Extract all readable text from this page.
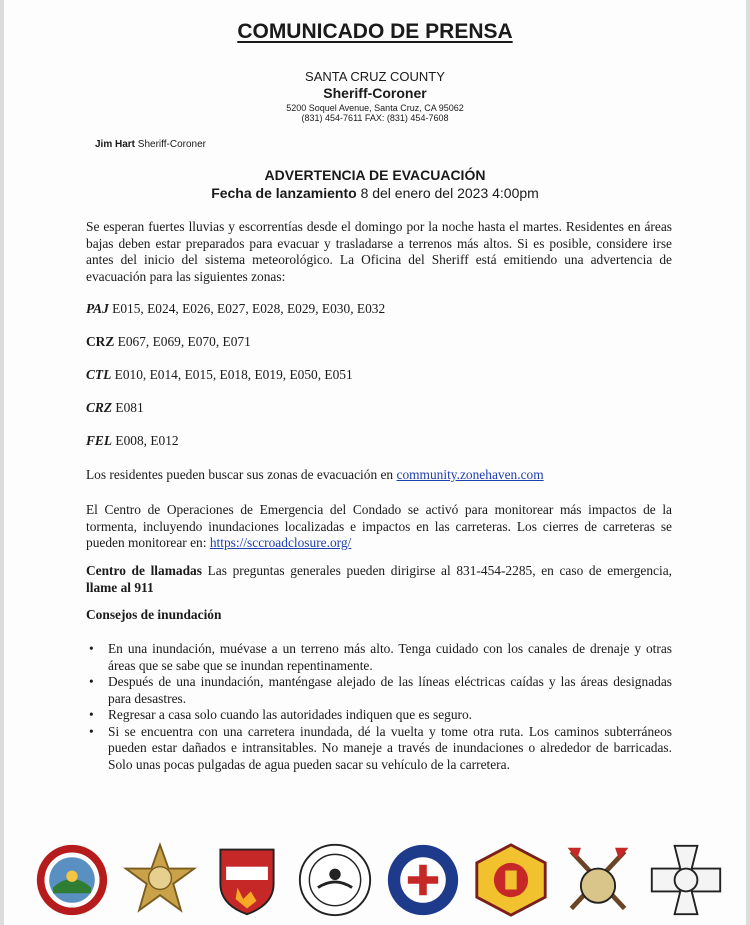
COMUNICADO DE PRENSA
SANTA CRUZ COUNTY
Sheriff-Coroner
5200 Soquel Avenue, Santa Cruz, CA 95062
(831) 454-7611 FAX: (831) 454-7608
Jim Hart Sheriff-Coroner
ADVERTENCIA DE EVACUACIÓN
Fecha de lanzamiento 8 del enero del 2023 4:00pm
Se esperan fuertes lluvias y escorrentías desde el domingo por la noche hasta el martes. Residentes en áreas bajas deben estar preparados para evacuar y trasladarse a terrenos más altos. Si es posible, considere irse antes del inicio del sistema meteorológico. La Oficina del Sheriff está emitiendo una advertencia de evacuación para las siguientes zonas:
PAJ E015, E024, E026, E027, E028, E029, E030, E032
CRZ E067, E069, E070, E071
CTL E010, E014, E015, E018, E019, E050, E051
CRZ E081
FEL E008, E012
Los residentes pueden buscar sus zonas de evacuación en community.zonehaven.com
El Centro de Operaciones de Emergencia del Condado se activó para monitorear más impactos de la tormenta, incluyendo inundaciones localizadas e impactos en las carreteras. Los cierres de carreteras se pueden monitorear en: https://sccroadclosure.org/
Centro de llamadas Las preguntas generales pueden dirigirse al 831-454-2285, en caso de emergencia, llame al 911
Consejos de inundación
• En una inundación, muévase a un terreno más alto. Tenga cuidado con los canales de drenaje y otras áreas que se sabe que se inundan repentinamente.
• Después de una inundación, manténgase alejado de las líneas eléctricas caídas y las áreas designadas para desastres.
• Regresar a casa solo cuando las autoridades indiquen que es seguro.
• Si se encuentra con una carretera inundada, dé la vuelta y tome otra ruta. Los caminos subterráneos pueden estar dañados e intransitables. No maneje a través de inundaciones o alrededor de barricadas. Solo unas pocas pulgadas de agua pueden sacar su vehículo de la carretera.
